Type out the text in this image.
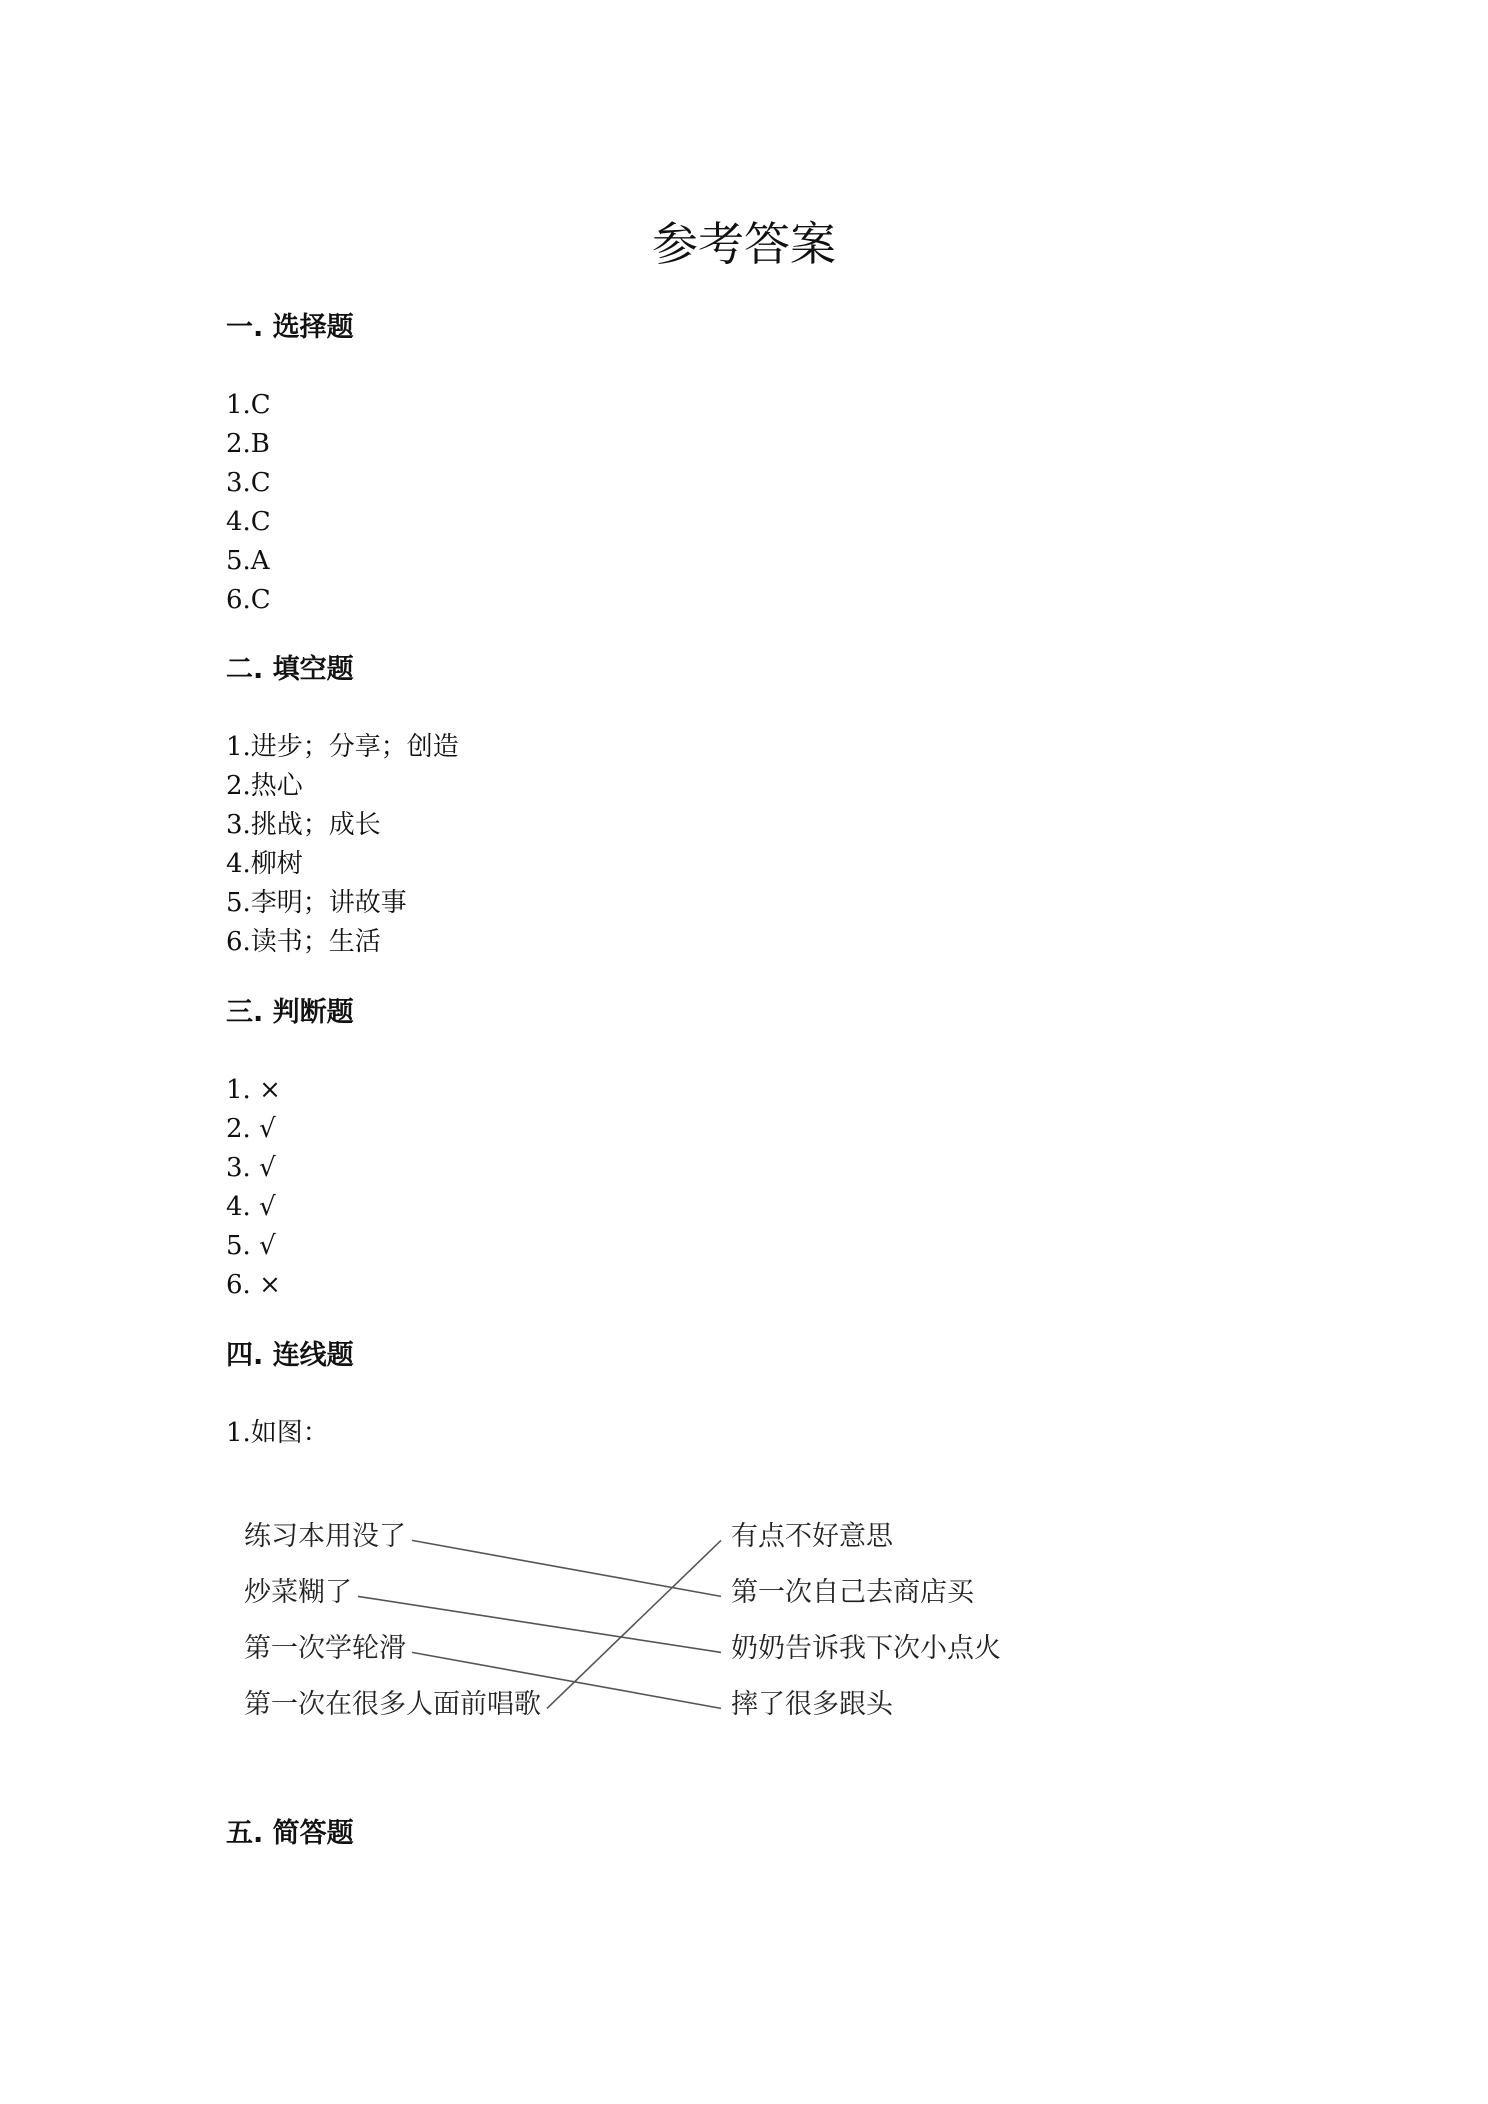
参考答案
一. 选择题
1.C
2.B
3.C
4.C
5.A
6.C
二. 填空题
1.进步；分享；创造
2.热心
3.挑战；成长
4.柳树
5.李明；讲故事
6.读书；生活
三. 判断题
1. ×
2. √
3. √
4. √
5. √
6. ×
四. 连线题
1.如图：
练习本用没了
炒菜糊了
第一次学轮滑
第一次在很多人面前唱歌
有点不好意思
第一次自己去商店买
奶奶告诉我下次小点火
摔了很多跟头
五. 简答题
